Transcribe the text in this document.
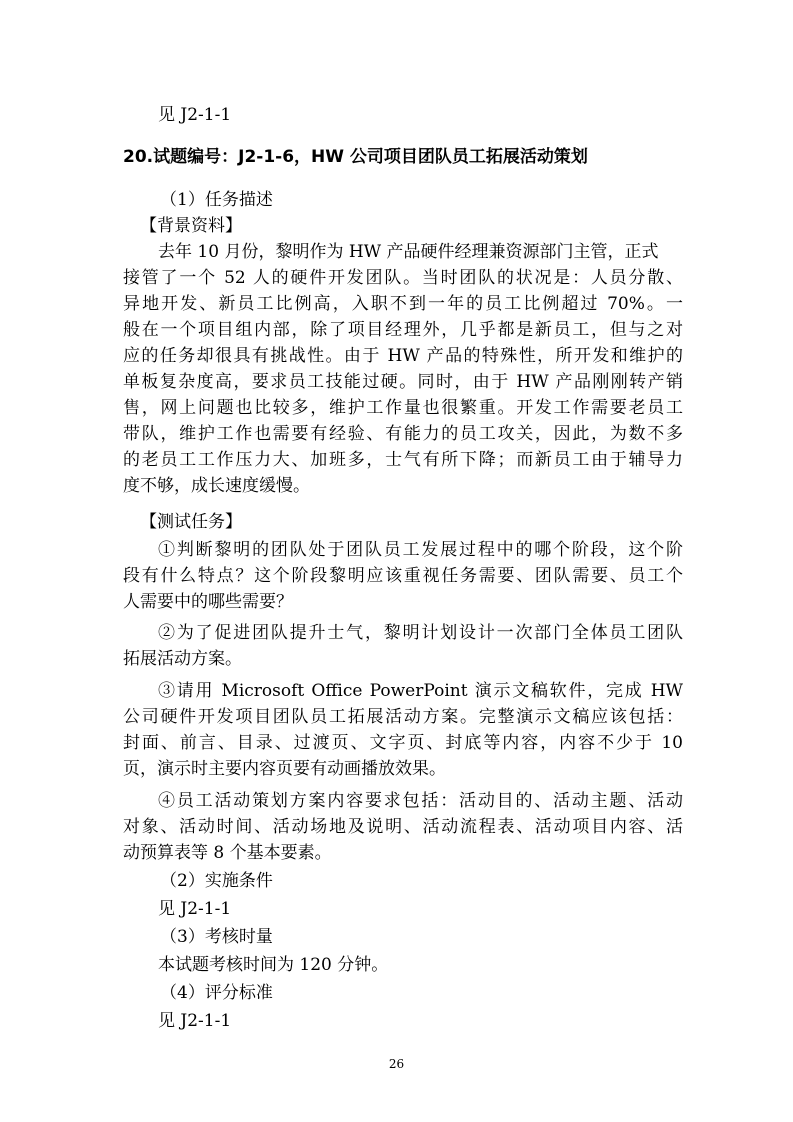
见 J2-1-1
20.试题编号：J2-1-6，HW 公司项目团队员工拓展活动策划
（1）任务描述
【背景资料】
去年 10 月份，黎明作为 HW 产品硬件经理兼资源部门主管，正式
接管了一个 52 人的硬件开发团队。当时团队的状况是：人员分散、
异地开发、新员工比例高，入职不到一年的员工比例超过 70%。一
般在一个项目组内部，除了项目经理外，几乎都是新员工，但与之对
应的任务却很具有挑战性。由于 HW 产品的特殊性，所开发和维护的
单板复杂度高，要求员工技能过硬。同时，由于 HW 产品刚刚转产销
售，网上问题也比较多，维护工作量也很繁重。开发工作需要老员工
带队，维护工作也需要有经验、有能力的员工攻关，因此，为数不多
的老员工工作压力大、加班多，士气有所下降；而新员工由于辅导力
度不够，成长速度缓慢。
【测试任务】
①判断黎明的团队处于团队员工发展过程中的哪个阶段，这个阶
段有什么特点？这个阶段黎明应该重视任务需要、团队需要、员工个
人需要中的哪些需要？
②为了促进团队提升士气，黎明计划设计一次部门全体员工团队
拓展活动方案。
③请用 Microsoft Office PowerPoint 演示文稿软件，完成 HW
公司硬件开发项目团队员工拓展活动方案。完整演示文稿应该包括：
封面、前言、目录、过渡页、文字页、封底等内容，内容不少于 10
页，演示时主要内容页要有动画播放效果。
④员工活动策划方案内容要求包括：活动目的、活动主题、活动
对象、活动时间、活动场地及说明、活动流程表、活动项目内容、活
动预算表等 8 个基本要素。
（2）实施条件
见 J2-1-1
（3）考核时量
本试题考核时间为 120 分钟。
（4）评分标准
见 J2-1-1
26
